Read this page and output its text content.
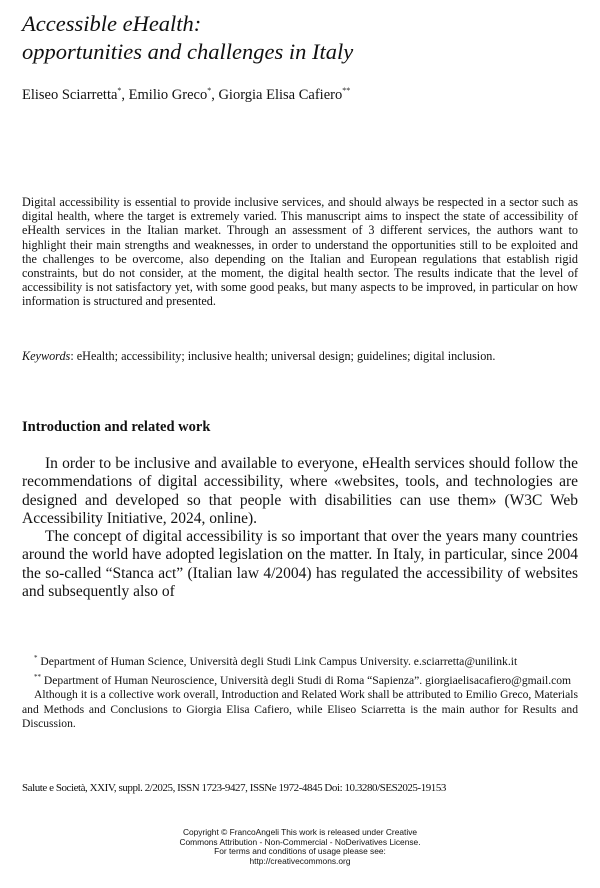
Accessible eHealth:
opportunities and challenges in Italy
Eliseo Sciarretta*, Emilio Greco*, Giorgia Elisa Cafiero**

Digital accessibility is essential to provide inclusive services, and should always be respected in a sector such as digital health, where the target is extremely varied. This manuscript aims to inspect the state of accessibility of eHealth services in the Italian market. Through an assessment of 3 different services, the authors want to highlight their main strengths and weaknesses, in order to understand the opportunities still to be exploited and the challenges to be overcome, also depending on the Italian and European regulations that establish rigid constraints, but do not consider, at the moment, the digital health sector. The results indicate that the level of accessibility is not satisfactory yet, with some good peaks, but many aspects to be improved, in particular on how information is structured and presented.

Keywords: eHealth; accessibility; inclusive health; universal design; guidelines; digital inclusion.

Introduction and related work

In order to be inclusive and available to everyone, eHealth services should follow the recommendations of digital accessibility, where «websites, tools, and technologies are designed and developed so that people with disabilities can use them» (W3C Web Accessibility Initiative, 2024, online).

The concept of digital accessibility is so important that over the years many countries around the world have adopted legislation on the matter. In Italy, in particular, since 2004 the so-called “Stanca act” (Italian law 4/2004) has regulated the accessibility of websites and subsequently also of

* Department of Human Science, Università degli Studi Link Campus University. e.sciarretta@unilink.it

** Department of Human Neuroscience, Università degli Studi di Roma “Sapienza”. giorgiaelisacafiero@gmail.com

Although it is a collective work overall, Introduction and Related Work shall be attributed to Emilio Greco, Materials and Methods and Conclusions to Giorgia Elisa Cafiero, while Eliseo Sciarretta is the main author for Results and Discussion.

Salute e Società, XXIV, suppl. 2/2025, ISSN 1723-9427, ISSNe 1972-4845 Doi: 10.3280/SES2025-19153
Copyright © FrancoAngeli This work is released under Creative
Commons Attribution - Non-Commercial - NoDerivatives License.
For terms and conditions of usage please see:
http://creativecommons.org
